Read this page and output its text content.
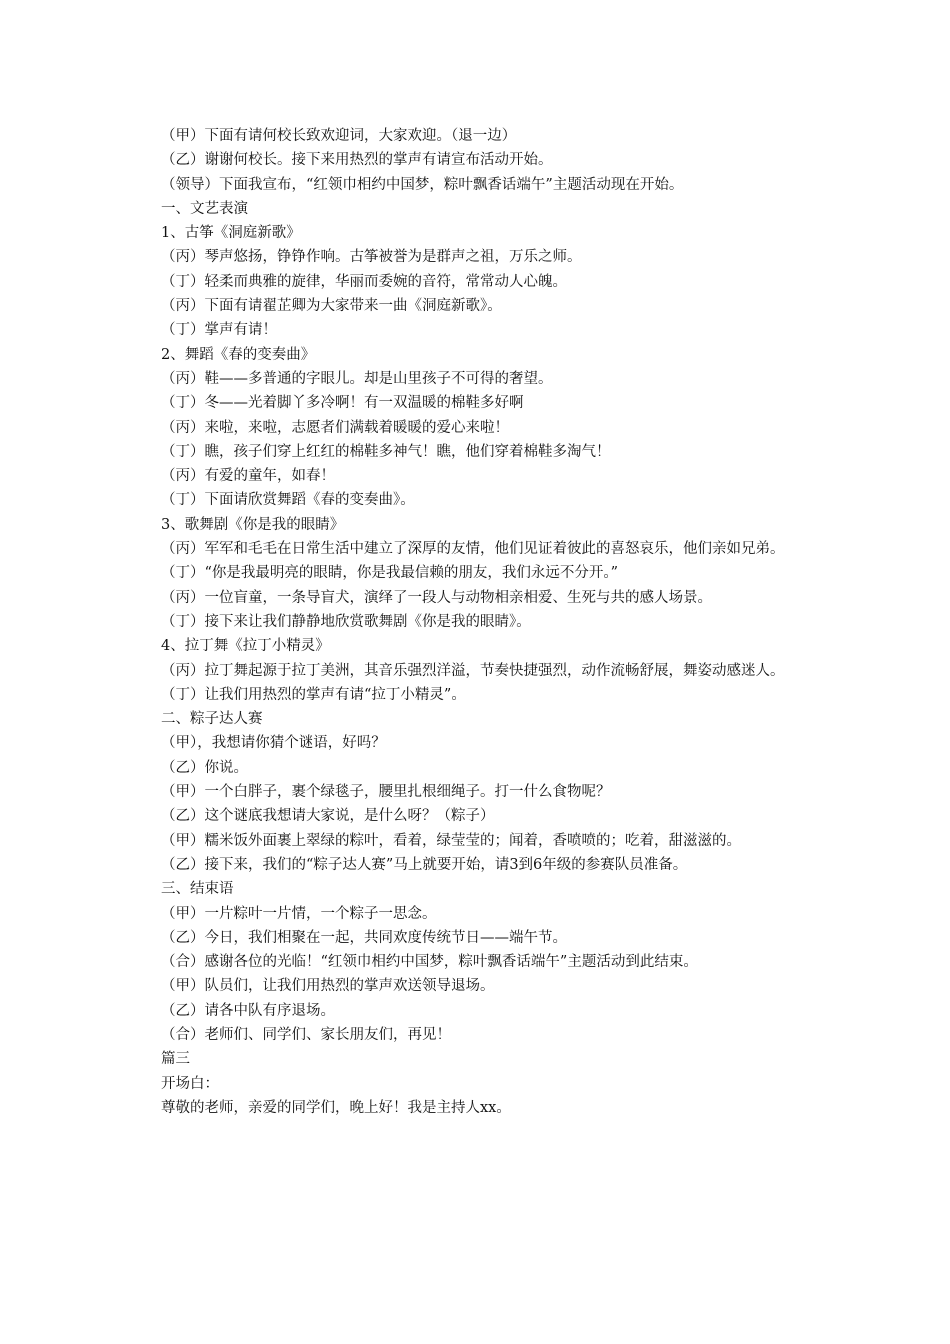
（甲）下面有请何校长致欢迎词，大家欢迎。（退一边）

（乙）谢谢何校长。接下来用热烈的掌声有请宣布活动开始。

（领导）下面我宣布，“红领巾相约中国梦，粽叶飘香话端午”主题活动现在开始。

一、文艺表演

1、古筝《洞庭新歌》

（丙）琴声悠扬，铮铮作响。古筝被誉为是群声之祖，万乐之师。

（丁）轻柔而典雅的旋律，华丽而委婉的音符，常常动人心魄。

（丙）下面有请翟芷卿为大家带来一曲《洞庭新歌》。

（丁）掌声有请！

2、舞蹈《春的变奏曲》

（丙）鞋——多普通的字眼儿。却是山里孩子不可得的奢望。

（丁）冬——光着脚丫多冷啊！有一双温暖的棉鞋多好啊

（丙）来啦，来啦，志愿者们满载着暖暖的爱心来啦！

（丁）瞧，孩子们穿上红红的棉鞋多神气！瞧，他们穿着棉鞋多淘气！

（丙）有爱的童年，如春！

（丁）下面请欣赏舞蹈《春的变奏曲》。

3、歌舞剧《你是我的眼睛》

（丙）军军和毛毛在日常生活中建立了深厚的友情，他们见证着彼此的喜怒哀乐，他们亲如兄弟。

（丁）“你是我最明亮的眼睛，你是我最信赖的朋友，我们永远不分开。”

（丙）一位盲童，一条导盲犬，演绎了一段人与动物相亲相爱、生死与共的感人场景。

（丁）接下来让我们静静地欣赏歌舞剧《你是我的眼睛》。

4、拉丁舞《拉丁小精灵》

（丙）拉丁舞起源于拉丁美洲，其音乐强烈洋溢，节奏快捷强烈，动作流畅舒展，舞姿动感迷人。

（丁）让我们用热烈的掌声有请“拉丁小精灵”。

二、粽子达人赛

（甲），我想请你猜个谜语，好吗？

（乙）你说。

（甲）一个白胖子，裹个绿毯子，腰里扎根细绳子。打一什么食物呢？

（乙）这个谜底我想请大家说，是什么呀？（粽子）

（甲）糯米饭外面裹上翠绿的粽叶，看着，绿莹莹的；闻着，香喷喷的；吃着，甜滋滋的。

（乙）接下来，我们的“粽子达人赛”马上就要开始，请3到6年级的参赛队员准备。

三、结束语

（甲）一片粽叶一片情，一个粽子一思念。

（乙）今日，我们相聚在一起，共同欢度传统节日——端午节。

（合）感谢各位的光临！“红领巾相约中国梦，粽叶飘香话端午”主题活动到此结束。

（甲）队员们，让我们用热烈的掌声欢送领导退场。

（乙）请各中队有序退场。

（合）老师们、同学们、家长朋友们，再见！

篇三

开场白：

尊敬的老师，亲爱的同学们，晚上好！我是主持人xx。
